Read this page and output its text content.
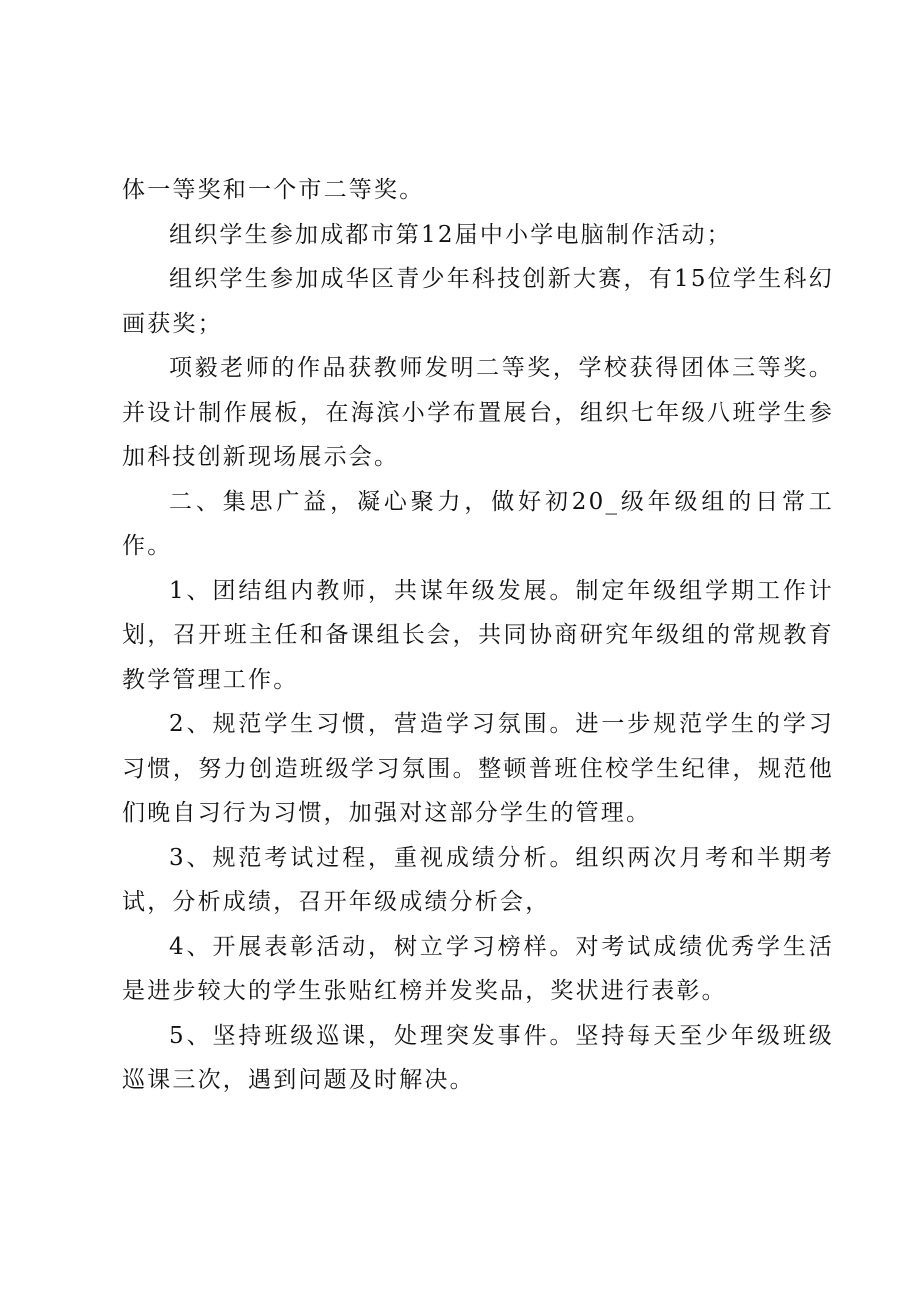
体一等奖和一个市二等奖。

组织学生参加成都市第12届中小学电脑制作活动；

组织学生参加成华区青少年科技创新大赛，有15位学生科幻画获奖；

项毅老师的作品获教师发明二等奖，学校获得团体三等奖。并设计制作展板，在海滨小学布置展台，组织七年级八班学生参加科技创新现场展示会。

二、集思广益，凝心聚力，做好初20_级年级组的日常工作。

1、团结组内教师，共谋年级发展。制定年级组学期工作计划，召开班主任和备课组长会，共同协商研究年级组的常规教育教学管理工作。

2、规范学生习惯，营造学习氛围。进一步规范学生的学习习惯，努力创造班级学习氛围。整顿普班住校学生纪律，规范他们晚自习行为习惯，加强对这部分学生的管理。

3、规范考试过程，重视成绩分析。组织两次月考和半期考试，分析成绩，召开年级成绩分析会，

4、开展表彰活动，树立学习榜样。对考试成绩优秀学生活是进步较大的学生张贴红榜并发奖品，奖状进行表彰。

5、坚持班级巡课，处理突发事件。坚持每天至少年级班级巡课三次，遇到问题及时解决。
